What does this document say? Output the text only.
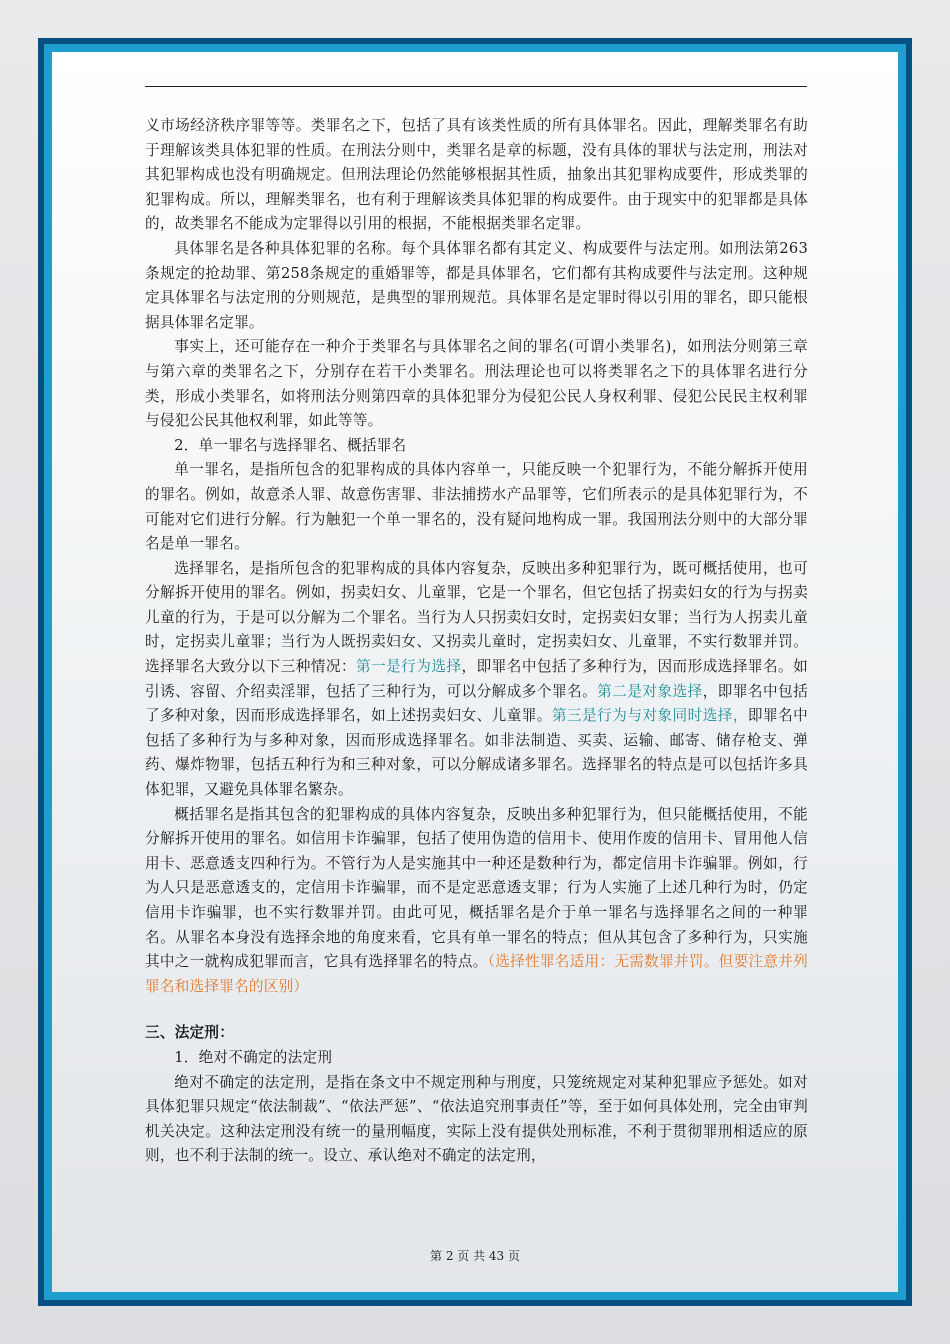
义市场经济秩序罪等等。类罪名之下，包括了具有该类性质的所有具体罪名。因此，理解类罪名有助于理解该类具体犯罪的性质。在刑法分则中，类罪名是章的标题，没有具体的罪状与法定刑，刑法对其犯罪构成也没有明确规定。但刑法理论仍然能够根据其性质，抽象出其犯罪构成要件，形成类罪的犯罪构成。所以，理解类罪名，也有利于理解该类具体犯罪的构成要件。由于现实中的犯罪都是具体的，故类罪名不能成为定罪得以引用的根据，不能根据类罪名定罪。

具体罪名是各种具体犯罪的名称。每个具体罪名都有其定义、构成要件与法定刑。如刑法第263条规定的抢劫罪、第258条规定的重婚罪等，都是具体罪名，它们都有其构成要件与法定刑。这种规定具体罪名与法定刑的分则规范，是典型的罪刑规范。具体罪名是定罪时得以引用的罪名，即只能根据具体罪名定罪。

事实上，还可能存在一种介于类罪名与具体罪名之间的罪名(可谓小类罪名)，如刑法分则第三章与第六章的类罪名之下，分别存在若干小类罪名。刑法理论也可以将类罪名之下的具体罪名进行分类，形成小类罪名，如将刑法分则第四章的具体犯罪分为侵犯公民人身权利罪、侵犯公民民主权利罪与侵犯公民其他权利罪，如此等等。

2．单一罪名与选择罪名、概括罪名

单一罪名，是指所包含的犯罪构成的具体内容单一，只能反映一个犯罪行为，不能分解拆开使用的罪名。例如，故意杀人罪、故意伤害罪、非法捕捞水产品罪等，它们所表示的是具体犯罪行为，不可能对它们进行分解。行为触犯一个单一罪名的，没有疑问地构成一罪。我国刑法分则中的大部分罪名是单一罪名。

选择罪名，是指所包含的犯罪构成的具体内容复杂，反映出多种犯罪行为，既可概括使用，也可分解拆开使用的罪名。例如，拐卖妇女、儿童罪，它是一个罪名，但它包括了拐卖妇女的行为与拐卖儿童的行为，于是可以分解为二个罪名。当行为人只拐卖妇女时，定拐卖妇女罪；当行为人拐卖儿童时，定拐卖儿童罪；当行为人既拐卖妇女、又拐卖儿童时，定拐卖妇女、儿童罪，不实行数罪并罚。选择罪名大致分以下三种情况：第一是行为选择，即罪名中包括了多种行为，因而形成选择罪名。如引诱、容留、介绍卖淫罪，包括了三种行为，可以分解成多个罪名。第二是对象选择，即罪名中包括了多种对象，因而形成选择罪名，如上述拐卖妇女、儿童罪。第三是行为与对象同时选择，即罪名中包括了多种行为与多种对象，因而形成选择罪名。如非法制造、买卖、运输、邮寄、储存枪支、弹药、爆炸物罪，包括五种行为和三种对象，可以分解成诸多罪名。选择罪名的特点是可以包括许多具体犯罪，又避免具体罪名繁杂。

概括罪名是指其包含的犯罪构成的具体内容复杂，反映出多种犯罪行为，但只能概括使用，不能分解拆开使用的罪名。如信用卡诈骗罪，包括了使用伪造的信用卡、使用作废的信用卡、冒用他人信用卡、恶意透支四种行为。不管行为人是实施其中一种还是数种行为，都定信用卡诈骗罪。例如，行为人只是恶意透支的，定信用卡诈骗罪，而不是定恶意透支罪；行为人实施了上述几种行为时，仍定信用卡诈骗罪，也不实行数罪并罚。由此可见，概括罪名是介于单一罪名与选择罪名之间的一种罪名。从罪名本身没有选择余地的角度来看，它具有单一罪名的特点；但从其包含了多种行为，只实施其中之一就构成犯罪而言，它具有选择罪名的特点。（选择性罪名适用：无需数罪并罚。但要注意并列罪名和选择罪名的区别）

三、法定刑：

1．绝对不确定的法定刑

绝对不确定的法定刑，是指在条文中不规定刑种与刑度，只笼统规定对某种犯罪应予惩处。如对具体犯罪只规定“依法制裁”、“依法严惩”、“依法追究刑事责任”等，至于如何具体处刑，完全由审判机关决定。这种法定刑没有统一的量刑幅度，实际上没有提供处刑标准，不利于贯彻罪刑相适应的原则，也不利于法制的统一。设立、承认绝对不确定的法定刑，

第 2 页 共 43 页
